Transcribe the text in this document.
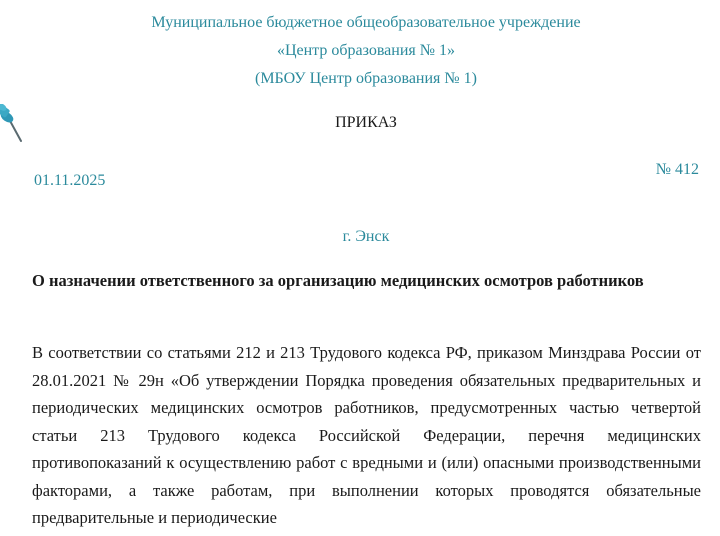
Муниципальное бюджетное общеобразовательное учреждение
«Центр образования № 1»
(МБОУ Центр образования № 1)
ПРИКАЗ
01.11.2025
№ 412
г. Энск
О назначении ответственного за организацию медицинских осмотров работников
В соответствии со статьями 212 и 213 Трудового кодекса РФ, приказом Минздрава России от 28.01.2021 № 29н «Об утверждении Порядка проведения обязательных предварительных и периодических медицинских осмотров работников, предусмотренных частью четвертой статьи 213 Трудового кодекса Российской Федерации, перечня медицинских противопоказаний к осуществлению работ с вредными и (или) опасными производственными факторами, а также работам, при выполнении которых проводятся обязательные предварительные и периодические
